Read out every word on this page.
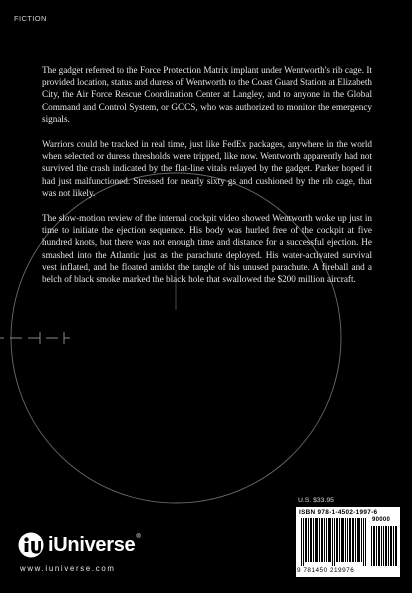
FICTION

The gadget referred to the Force Protection Matrix implant under Wentworth's rib cage. It provided location, status and duress of Wentworth to the Coast Guard Station at Elizabeth City, the Air Force Rescue Coordination Center at Langley, and to anyone in the Global Command and Control System, or GCCS, who was authorized to monitor the emergency signals.

Warriors could be tracked in real time, just like FedEx packages, anywhere in the world when selected or duress thresholds were tripped, like now. Wentworth apparently had not survived the crash indicated by the flat-line vitals relayed by the gadget. Parker hoped it had just malfunctioned. Stressed for nearly sixty gs and cushioned by the rib cage, that was not likely.

The slow-motion review of the internal cockpit video showed Wentworth woke up just in time to initiate the ejection sequence. His body was hurled free of the cockpit at five hundred knots, but there was not enough time and distance for a successful ejection. He smashed into the Atlantic just as the parachute deployed. His water-activated survival vest inflated, and he floated amidst the tangle of his unused parachute. A fireball and a belch of black smoke marked the black hole that swallowed the $200 million aircraft.

U.S. $33.95

ISBN 978-1-4502-1997-6
90000
9 781450 219976
iUniverse ®

www.iuniverse.com
